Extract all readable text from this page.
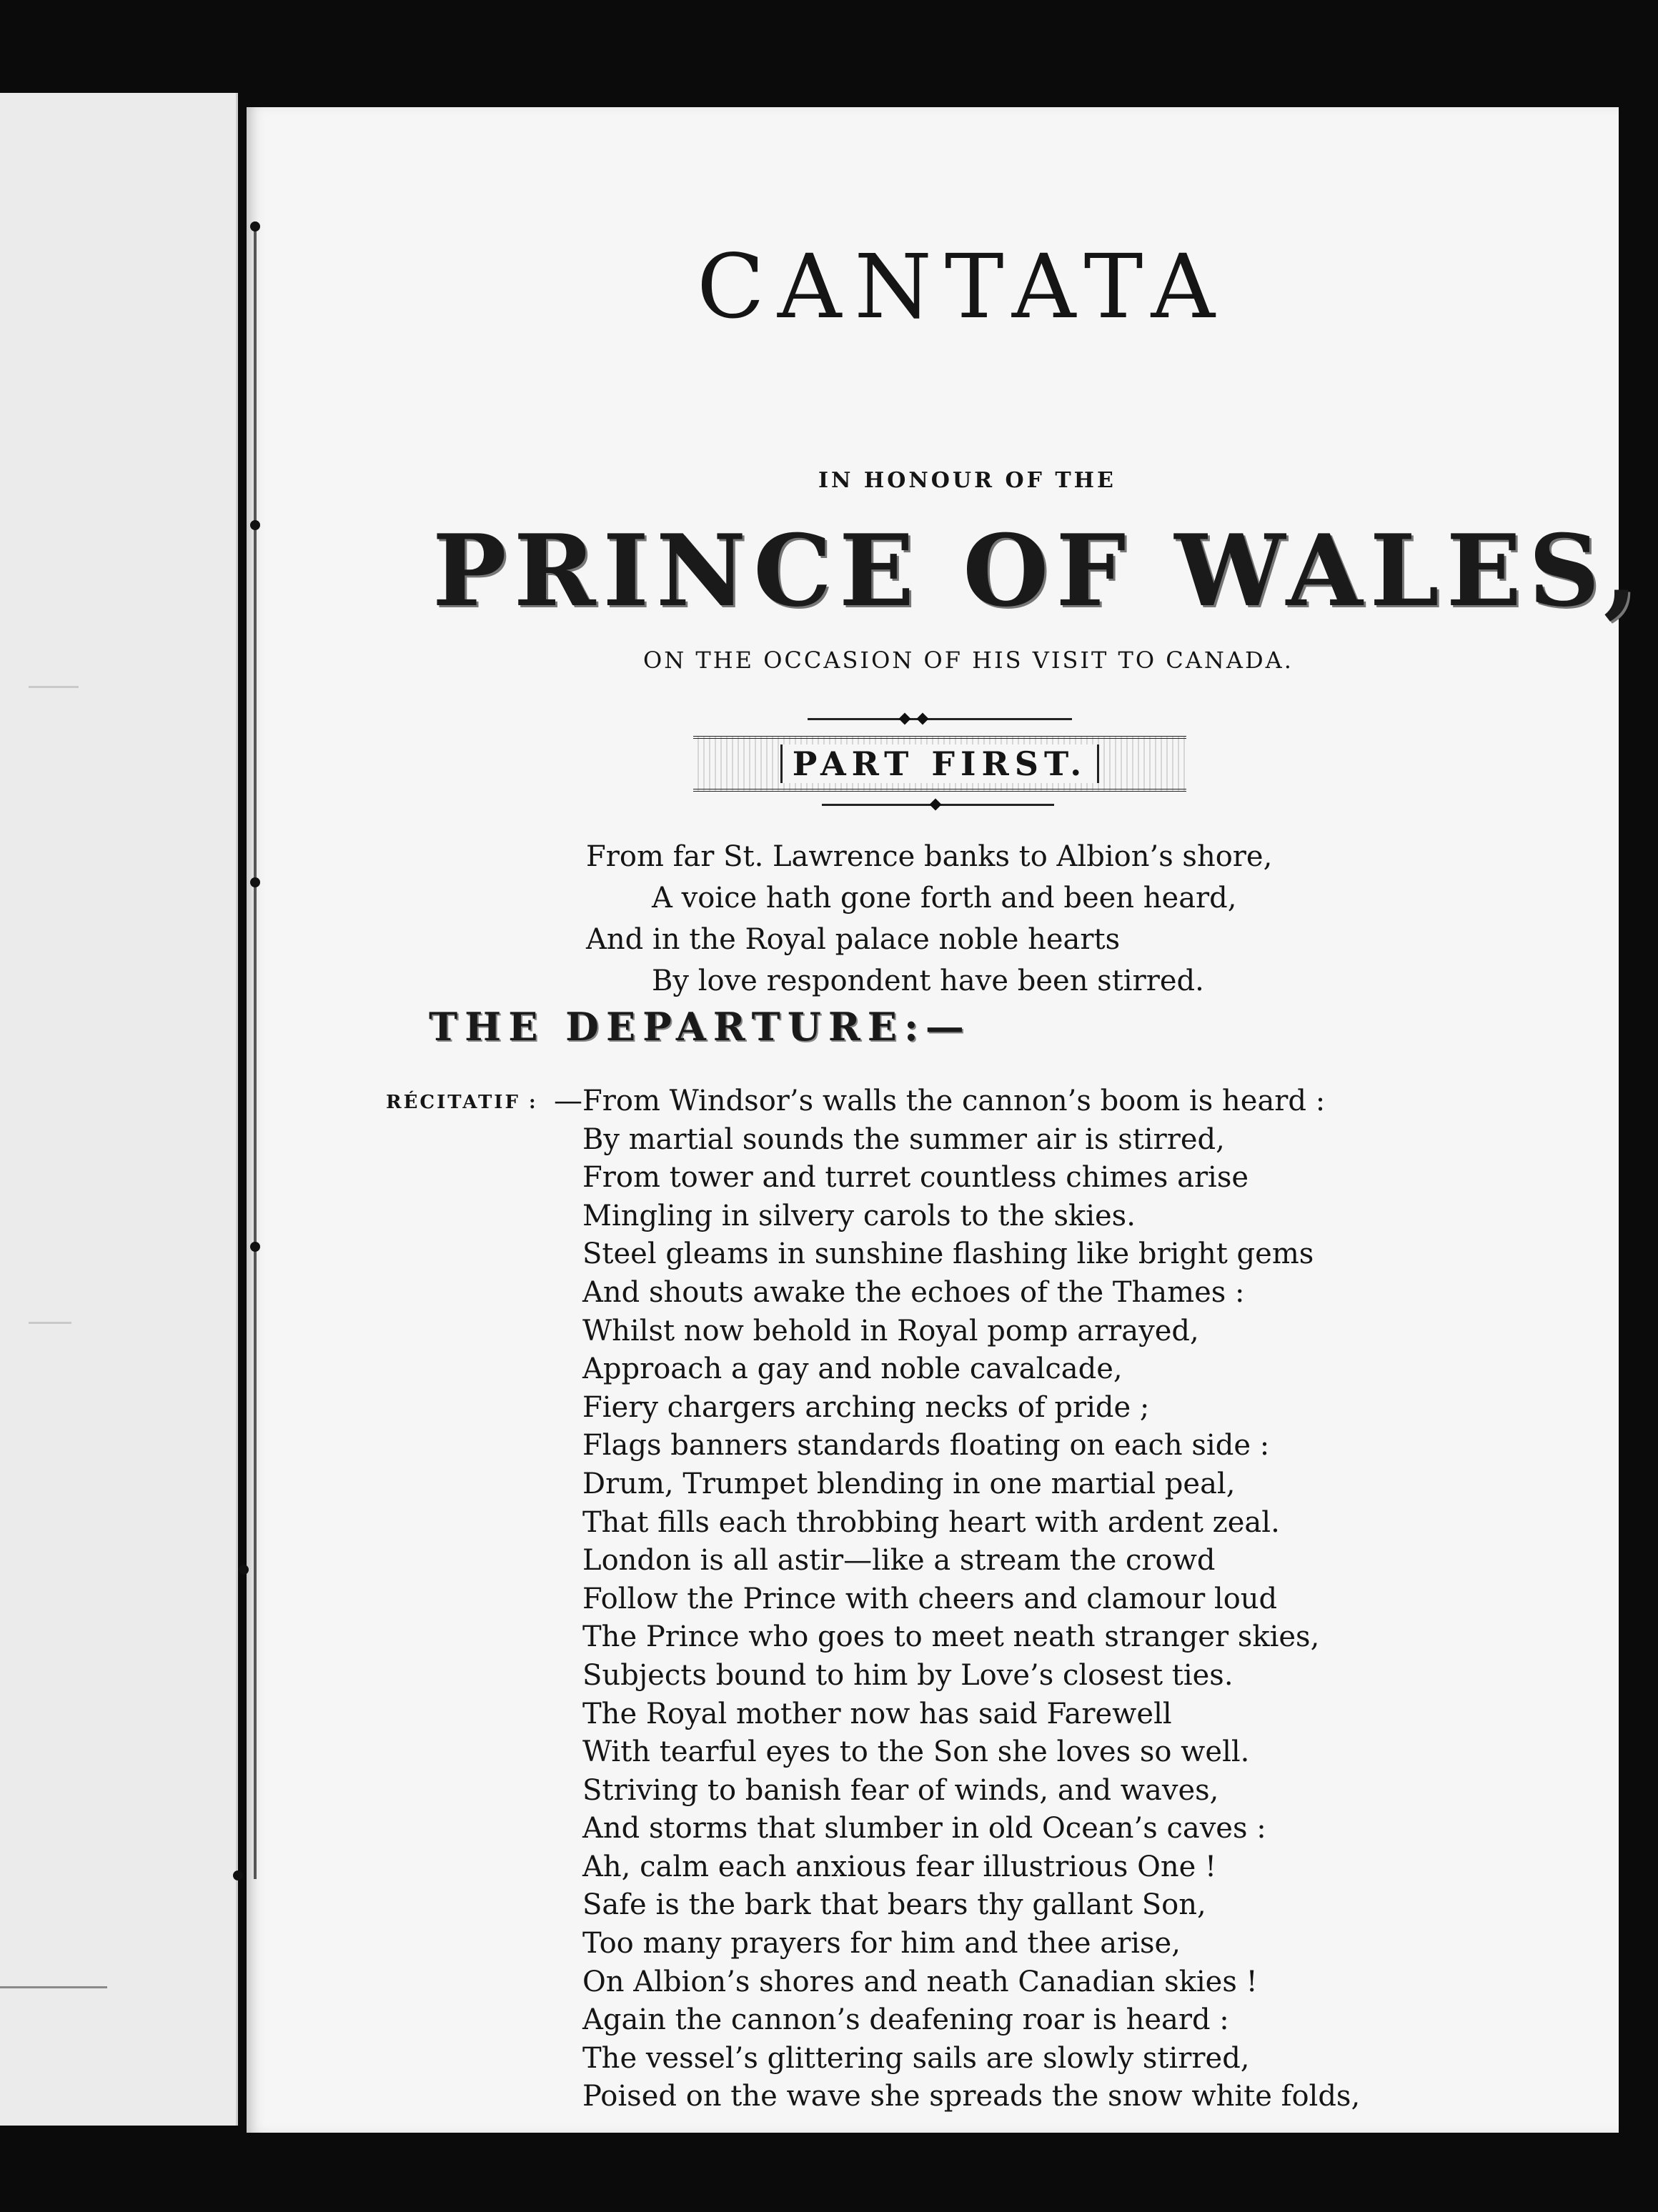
CANTATA
IN HONOUR OF THE
PRINCE OF WALES,
ON THE OCCASION OF HIS VISIT TO CANADA.
PART FIRST.
From far St. Lawrence banks to Albion’s shore,
A voice hath gone forth and been heard,
And in the Royal palace noble hearts
By love respondent have been stirred.
THE DEPARTURE:—
RÉCITATIF : —From Windsor’s walls the cannon’s boom is heard :
By martial sounds the summer air is stirred,
From tower and turret countless chimes arise
Mingling in silvery carols to the skies.
Steel gleams in sunshine flashing like bright gems
And shouts awake the echoes of the Thames :
Whilst now behold in Royal pomp arrayed,
Approach a gay and noble cavalcade,
Fiery chargers arching necks of pride ;
Flags banners standards floating on each side :
Drum, Trumpet blending in one martial peal,
That fills each throbbing heart with ardent zeal.
London is all astir—like a stream the crowd
Follow the Prince with cheers and clamour loud
The Prince who goes to meet neath stranger skies,
Subjects bound to him by Love’s closest ties.
The Royal mother now has said Farewell
With tearful eyes to the Son she loves so well.
Striving to banish fear of winds, and waves,
And storms that slumber in old Ocean’s caves :
Ah, calm each anxious fear illustrious One !
Safe is the bark that bears thy gallant Son,
Too many prayers for him and thee arise,
On Albion’s shores and neath Canadian skies !
Again the cannon’s deafening roar is heard :
The vessel’s glittering sails are slowly stirred,
Poised on the wave she spreads the snow white folds,
